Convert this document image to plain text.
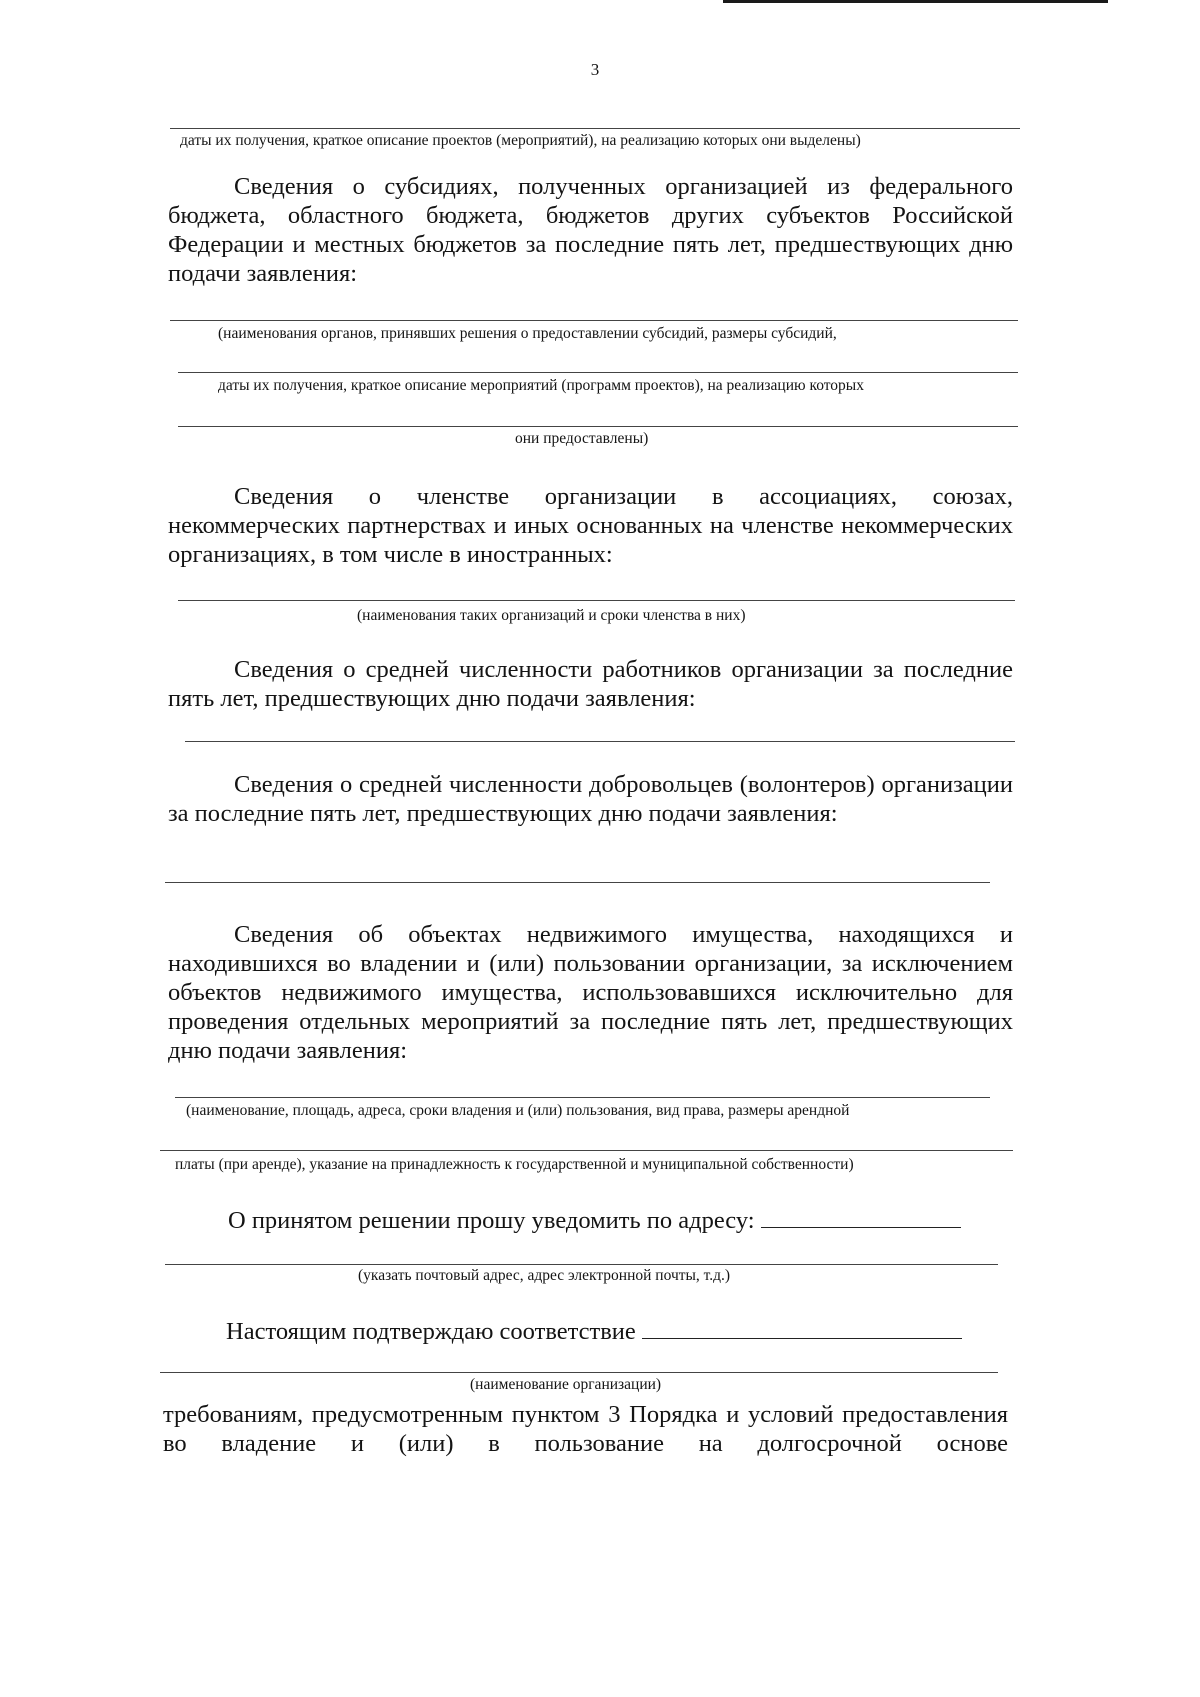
3
даты их получения, краткое описание проектов (мероприятий), на реализацию которых они выделены)

Сведения о субсидиях, полученных организацией из федерального бюджета, областного бюджета, бюджетов других субъектов Российской Федерации и местных бюджетов за последние пять лет, предшествующих дню подачи заявления:

(наименования органов, принявших решения о предоставлении субсидий, размеры субсидий,
даты их получения, краткое описание мероприятий (программ проектов), на реализацию которых
они предоставлены)

Сведения о членстве организации в ассоциациях, союзах, некоммерческих партнерствах и иных основанных на членстве некоммерческих организациях, в том числе в иностранных:

(наименования таких организаций и сроки членства в них)

Сведения о средней численности работников организации за последние пять лет, предшествующих дню подачи заявления:

Сведения о средней численности добровольцев (волонтеров) организации за последние пять лет, предшествующих дню подачи заявления:

Сведения об объектах недвижимого имущества, находящихся и находившихся во владении и (или) пользовании организации, за исключением объектов недвижимого имущества, использовавшихся исключительно для проведения отдельных мероприятий за последние пять лет, предшествующих дню подачи заявления:

(наименование, площадь, адреса, сроки владения и (или) пользования, вид права, размеры арендной
платы (при аренде), указание на принадлежность к государственной и муниципальной собственности)
О принятом решении прошу уведомить по адресу:
(указать почтовый адрес, адрес электронной почты, т.д.)
Настоящим подтверждаю соответствие
(наименование организации)

требованиям, предусмотренным пунктом 3 Порядка и условий предоставления во владение и (или) в пользование на долгосрочной основе
